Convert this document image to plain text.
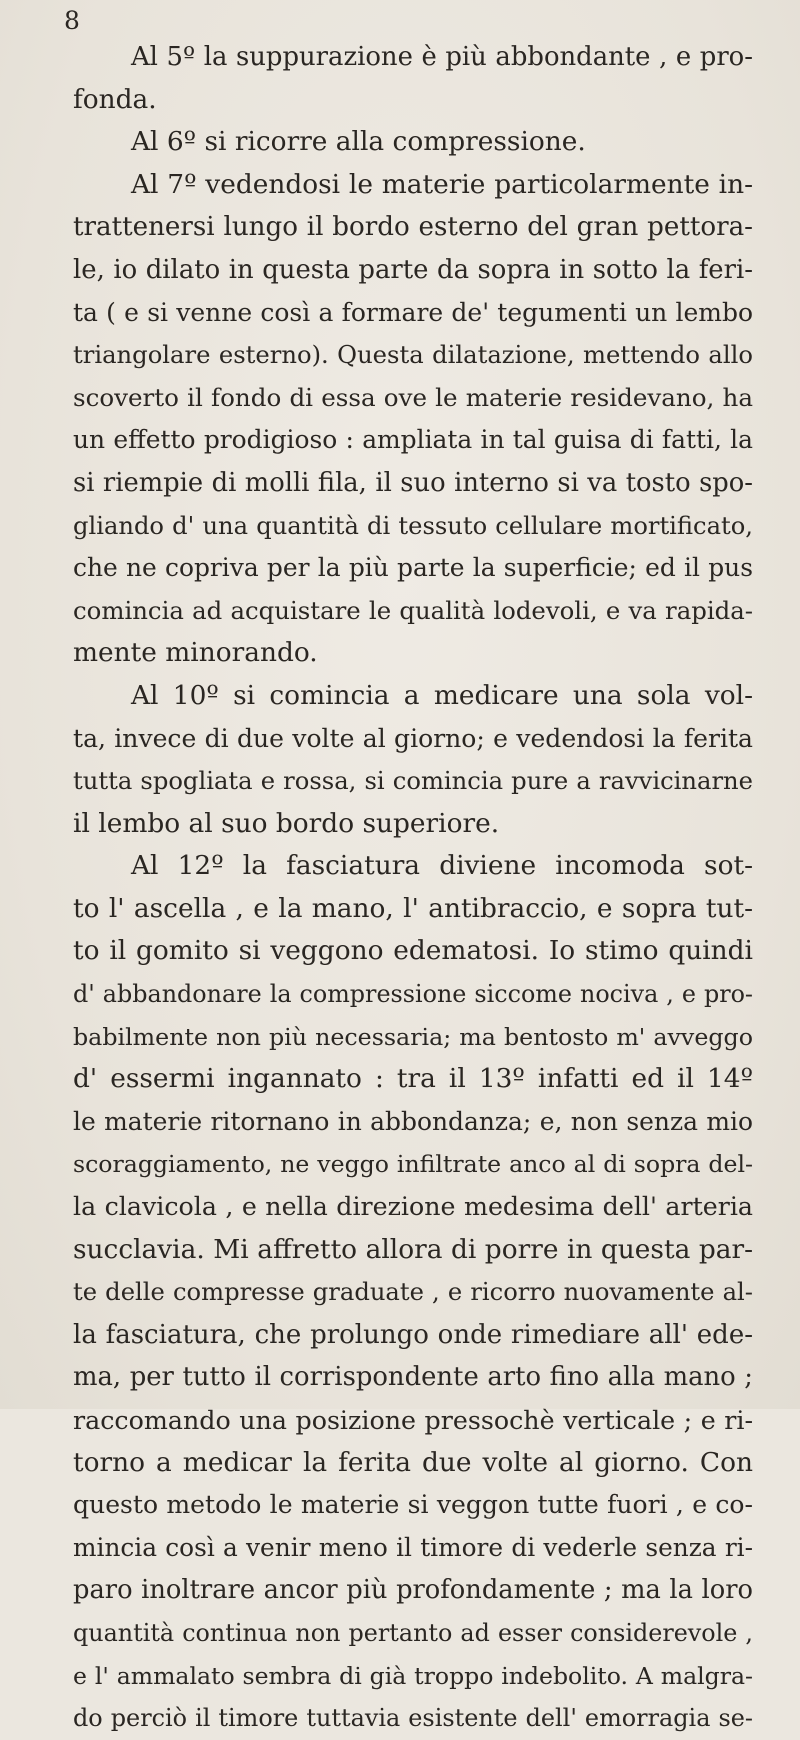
8
Al 5º la suppurazione è più abbondante , e pro-
fonda.
Al 6º si ricorre alla compressione.
Al 7º vedendosi le materie particolarmente in-
trattenersi lungo il bordo esterno del gran pettora-
le, io dilato in questa parte da sopra in sotto la feri-
ta ( e si venne così a formare de' tegumenti un lembo
triangolare esterno). Questa dilatazione, mettendo allo
scoverto il fondo di essa ove le materie residevano, ha
un effetto prodigioso : ampliata in tal guisa di fatti, la
si riempie di molli fila, il suo interno si va tosto spo-
gliando d' una quantità di tessuto cellulare mortificato,
che ne copriva per la più parte la superficie; ed il pus
comincia ad acquistare le qualità lodevoli, e va rapida-
mente minorando.
Al 10º si comincia a medicare una sola vol-
ta, invece di due volte al giorno; e vedendosi la ferita
tutta spogliata e rossa, si comincia pure a ravvicinarne
il lembo al suo bordo superiore.
Al 12º la fasciatura diviene incomoda sot-
to l' ascella , e la mano, l' antibraccio, e sopra tut-
to il gomito si veggono edematosi. Io stimo quindi
d' abbandonare la compressione siccome nociva , e pro-
babilmente non più necessaria; ma bentosto m' avveggo
d' essermi ingannato : tra il 13º infatti ed il 14º
le materie ritornano in abbondanza; e, non senza mio
scoraggiamento, ne veggo infiltrate anco al di sopra del-
la clavicola , e nella direzione medesima dell' arteria
succlavia. Mi affretto allora di porre in questa par-
te delle compresse graduate , e ricorro nuovamente al-
la fasciatura, che prolungo onde rimediare all' ede-
ma, per tutto il corrispondente arto fino alla mano ;
raccomando una posizione pressochè verticale ; e ri-
torno a medicar la ferita due volte al giorno. Con
questo metodo le materie si veggon tutte fuori , e co-
mincia così a venir meno il timore di vederle senza ri-
paro inoltrare ancor più profondamente ; ma la loro
quantità continua non pertanto ad esser considerevole ,
e l' ammalato sembra di già troppo indebolito. A malgra-
do perciò il timore tuttavia esistente dell' emorragia se-
